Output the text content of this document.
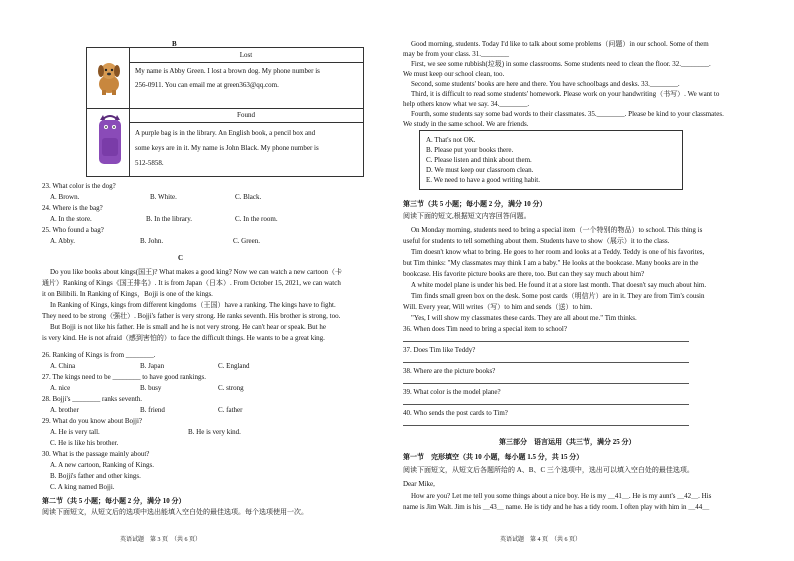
B
Lost
My name is Abby Green. I lost a brown dog. My phone number is
256-0911. You can email me at green363@qq.com.
Found
A purple bag is in the library. An English book, a pencil box and
some keys are in it. My name is John Black. My phone number is
512-5858.
23. What color is the dog?
A. Brown.	B. White.	C. Black.
24. Where is the bag?
A. In the store.	B. In the library.	C. In the room.
25. Who found a bag?
A. Abby.	B. John.	C. Green.
C
Do you like books about kings(国王)? What makes a good king? Now we can watch a new cartoon（卡
通片）Ranking of Kings《国王排名》. It is from Japan（日本）. From October 15, 2021, we can watch
it on Bilibili. In Ranking of Kings，Bojji is one of the kings.
In Ranking of Kings, kings from different kingdoms（王国）have a ranking. The kings have to fight.
They need to be strong（强壮）. Bojji's father is very strong. He ranks seventh. His brother is strong, too.
But Bojji is not like his father. He is small and he is not very strong. He can't hear or speak. But he
is very kind. He is not afraid（感到害怕的）to face the difficult things. He wants to be a great king.
26. Ranking of Kings is from ________.
A. China	B. Japan	C. England
27. The kings need to be ________ to have good rankings.
A. nice	B. busy	C. strong
28. Bojji's ________ ranks seventh.
A. brother	B. friend	C. father
29. What do you know about Bojji?
A. He is very tall.	B. He is very kind.
C. He is like his brother.
30. What is the passage mainly about?
A. A new cartoon, Ranking of Kings.
B. Bojji's father and other kings.
C. A king named Bojji.
第二节（共 5 小题；每小题 2 分，满分 10 分）
阅读下面短文，从短文后的选项中选出能填入空白处的最佳选项。每个选项使用一次。
英语试题　第 3 页　（共 6 页）
Good morning, students. Today I'd like to talk about some problems（问题）in our school. Some of them
may be from your class. 31.________
First, we see some rubbish(垃圾) in some classrooms. Some students need to clean the floor. 32.________.
We must keep our school clean, too.
Second, some students' books are here and there. You have schoolbags and desks. 33.________.
Third, it is difficult to read some students' homework. Please work on your handwriting（书写）. We want to
help others know what we say. 34.________.
Fourth, some students say some bad words to their classmates. 35.________. Please be kind to your classmates.
We study in the same school. We are friends.
A. That's not OK.
B. Please put your books there.
C. Please listen and think about them.
D. We must keep our classroom clean.
E. We need to have a good writing habit.
第三节（共 5 小题；每小题 2 分，满分 10 分）
阅读下面的短文,根据短文内容回答问题。
On Monday morning, students need to bring a special item（一个特别的物品）to school. This thing is
useful for students to tell something about them. Students have to show（展示）it to the class.
Tim doesn't know what to bring. He goes to her room and looks at a Teddy. Teddy is one of his favorites,
but Tim thinks: "My classmates may think I am a baby." He looks at the bookcase. Many books are in the
bookcase. His favorite picture books are there, too. But can they say much about him?
A white model plane is under his bed. He found it at a store last month. That doesn't say much about him.
Tim finds small green box on the desk. Some post cards（明信片）are in it. They are from Tim's cousin
Will. Every year, Will writes（写）to him and sends（送）to him.
"Yes, I will show my classmates these cards. They are all about me." Tim thinks.
36. When does Tim need to bring a special item to school?
37. Does Tim like Teddy?
38. Where are the picture books?
39. What color is the model plane?
40. Who sends the post cards to Tim?
第三部分　语言运用（共三节，满分 25 分）
第一节　完形填空（共 10 小题，每小题 1.5 分，共 15 分）
阅读下面短文，从短文后各题所给的 A、B、C 三个选项中，选出可以填入空白处的最佳选项。
Dear Mike,
How are you? Let me tell you some things about a nice boy. He is my ＿41＿. He is my aunt's ＿42＿. His
name is Jim Walt. Jim is his ＿43＿ name. He is tidy and he has a tidy room. I often play with him in ＿44＿
英语试题　第 4 页　（共 6 页）
